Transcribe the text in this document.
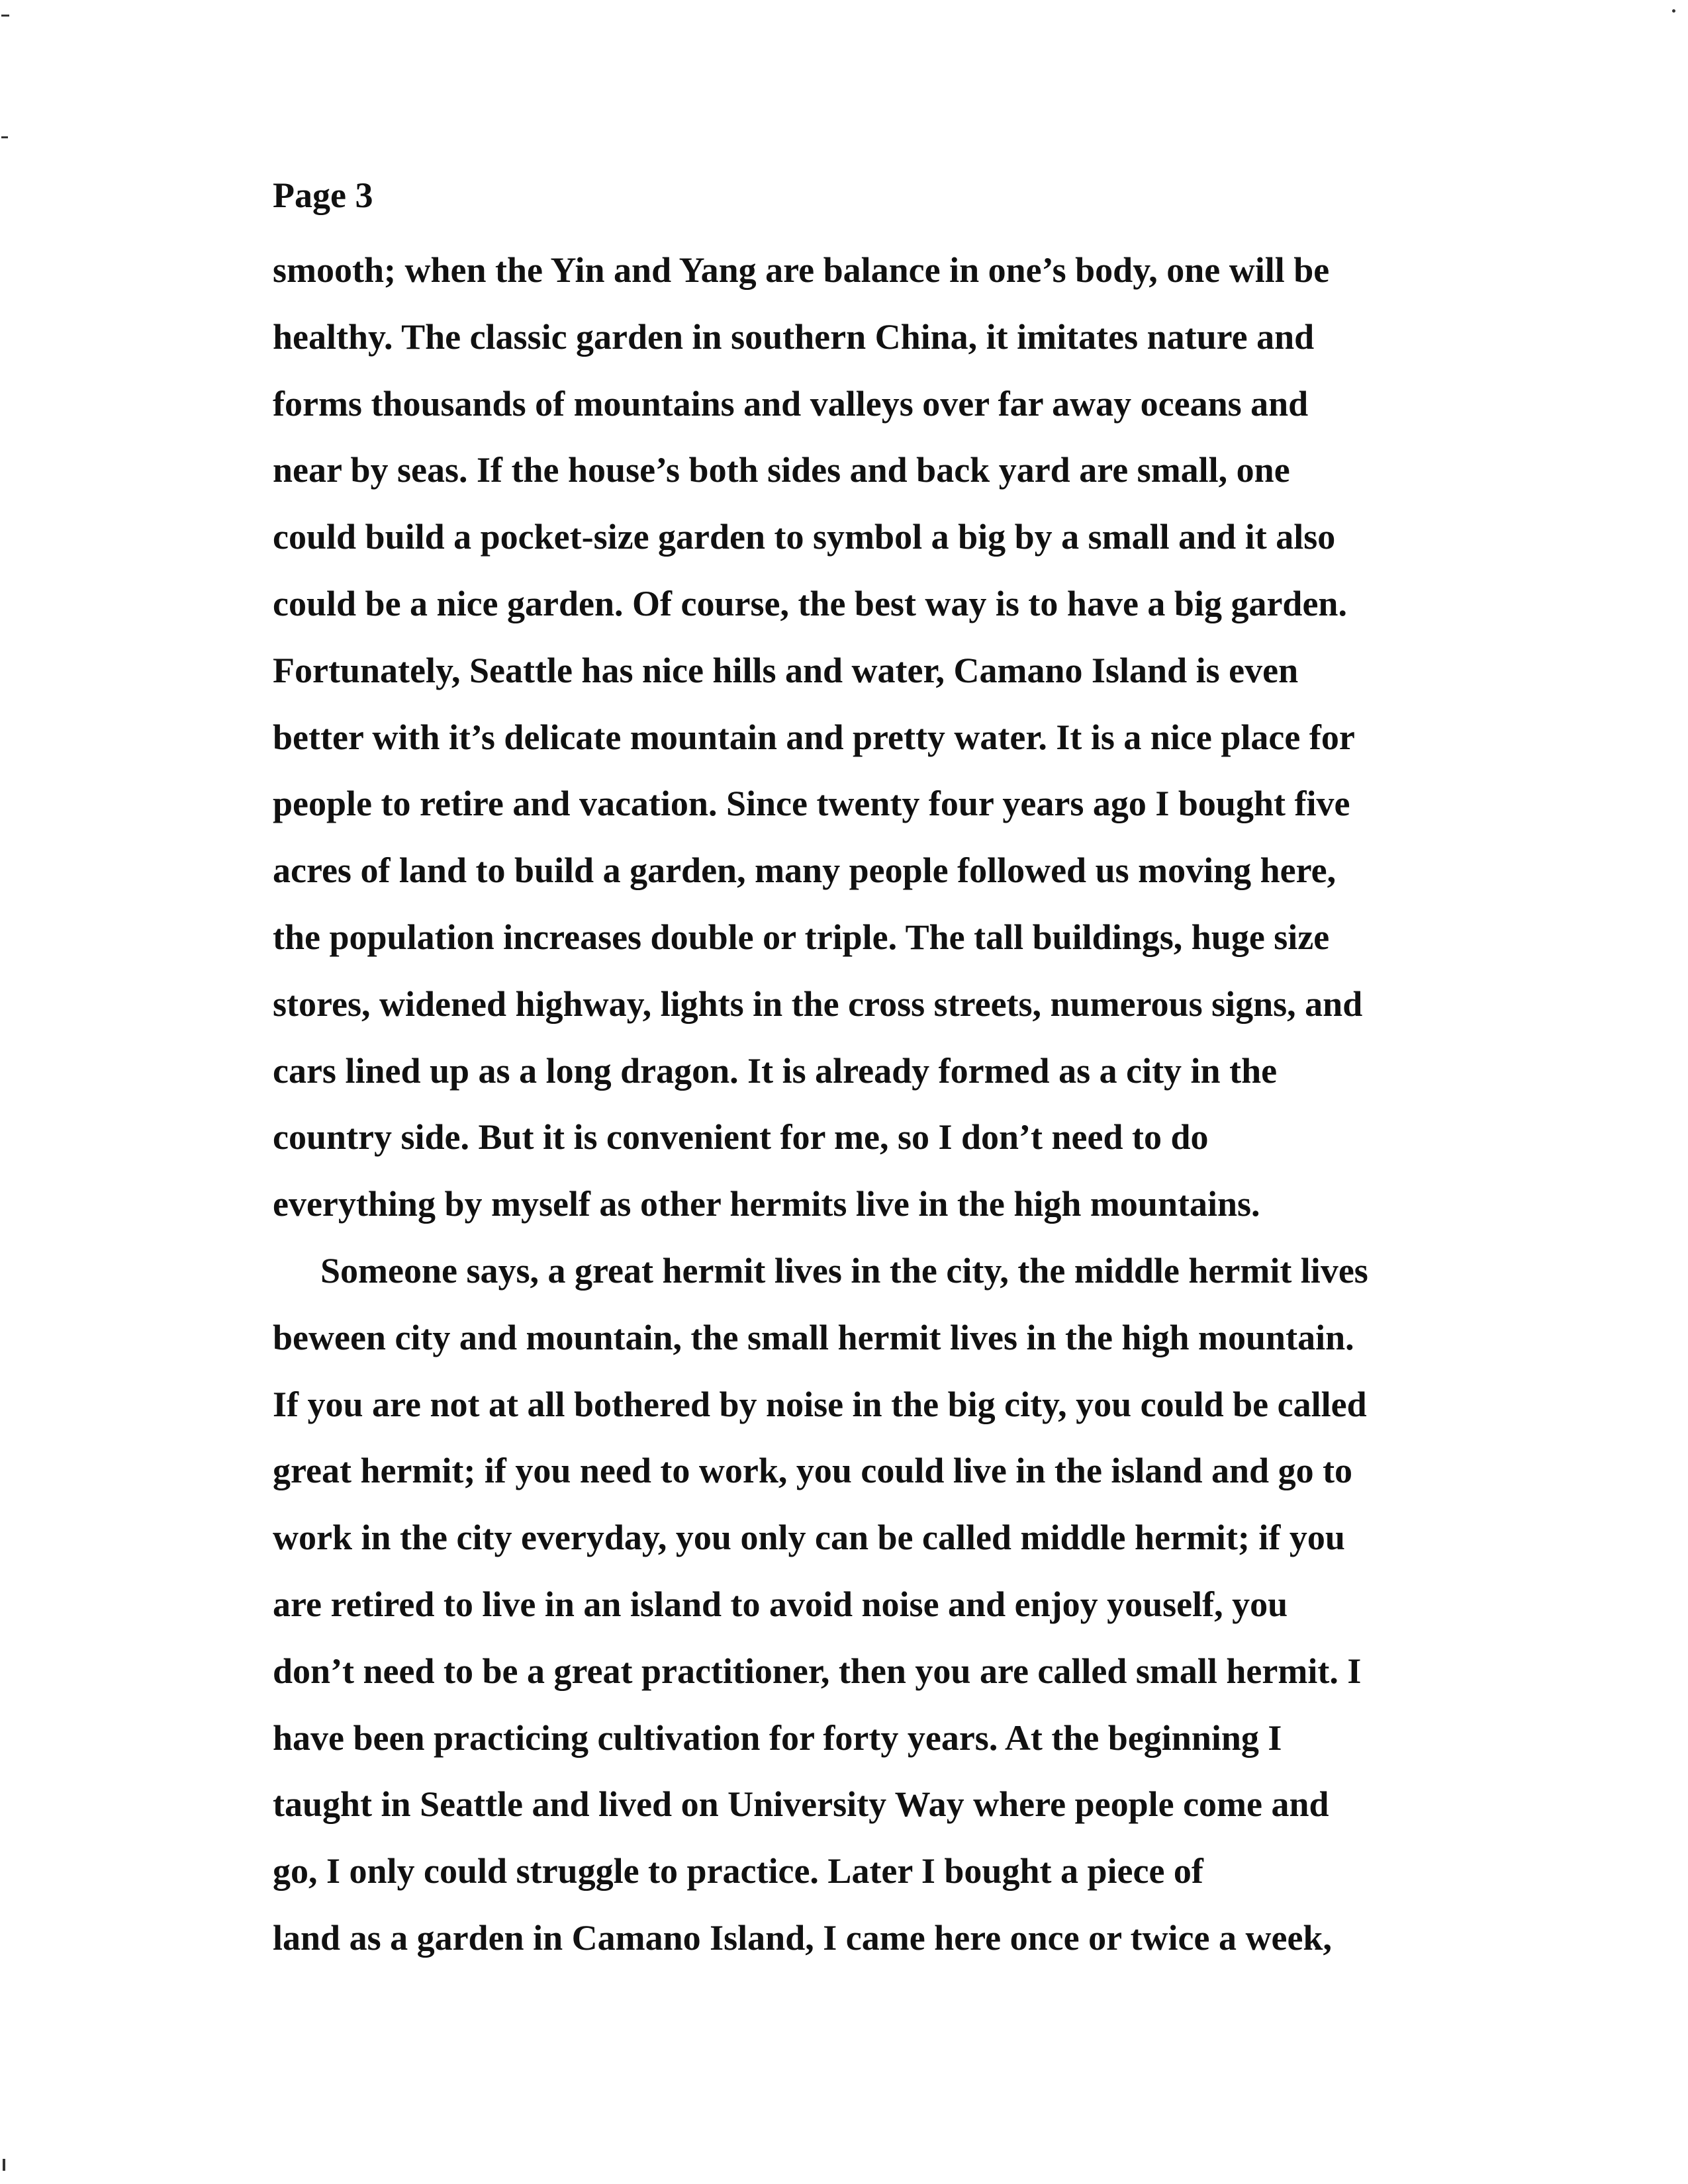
Page 3
smooth; when the Yin and Yang are balance in one’s body, one will be
healthy. The classic garden in southern China, it imitates nature and
forms thousands of mountains and valleys over far away oceans and
near by seas. If the house’s both sides and back yard are small, one
could build a pocket-size garden to symbol a big by a small and it also
could be a nice garden. Of course, the best way is to have a big garden.
Fortunately, Seattle has nice hills and water, Camano Island is even
better with it’s delicate mountain and pretty water. It is a nice place for
people to retire and vacation. Since twenty four years ago I bought five
acres of land to build a garden, many people followed us moving here,
the population increases double or triple. The tall buildings, huge size
stores, widened highway, lights in the cross streets, numerous signs, and
cars lined up as a long dragon. It is already formed as a city in the
country side. But it is convenient for me, so I don’t need to do
everything by myself as other hermits live in the high mountains.
Someone says, a great hermit lives in the city, the middle hermit lives
beween city and mountain, the small hermit lives in the high mountain.
If you are not at all bothered by noise in the big city, you could be called
great hermit; if you need to work, you could live in the island and go to
work in the city everyday, you only can be called middle hermit; if you
are retired to live in an island to avoid noise and enjoy youself, you
don’t need to be a great practitioner, then you are called small hermit. I
have been practicing cultivation for forty years. At the beginning I
taught in Seattle and lived on University Way where people come and
go, I only could struggle to practice. Later I bought a piece of
land as a garden in Camano Island, I came here once or twice a week,
